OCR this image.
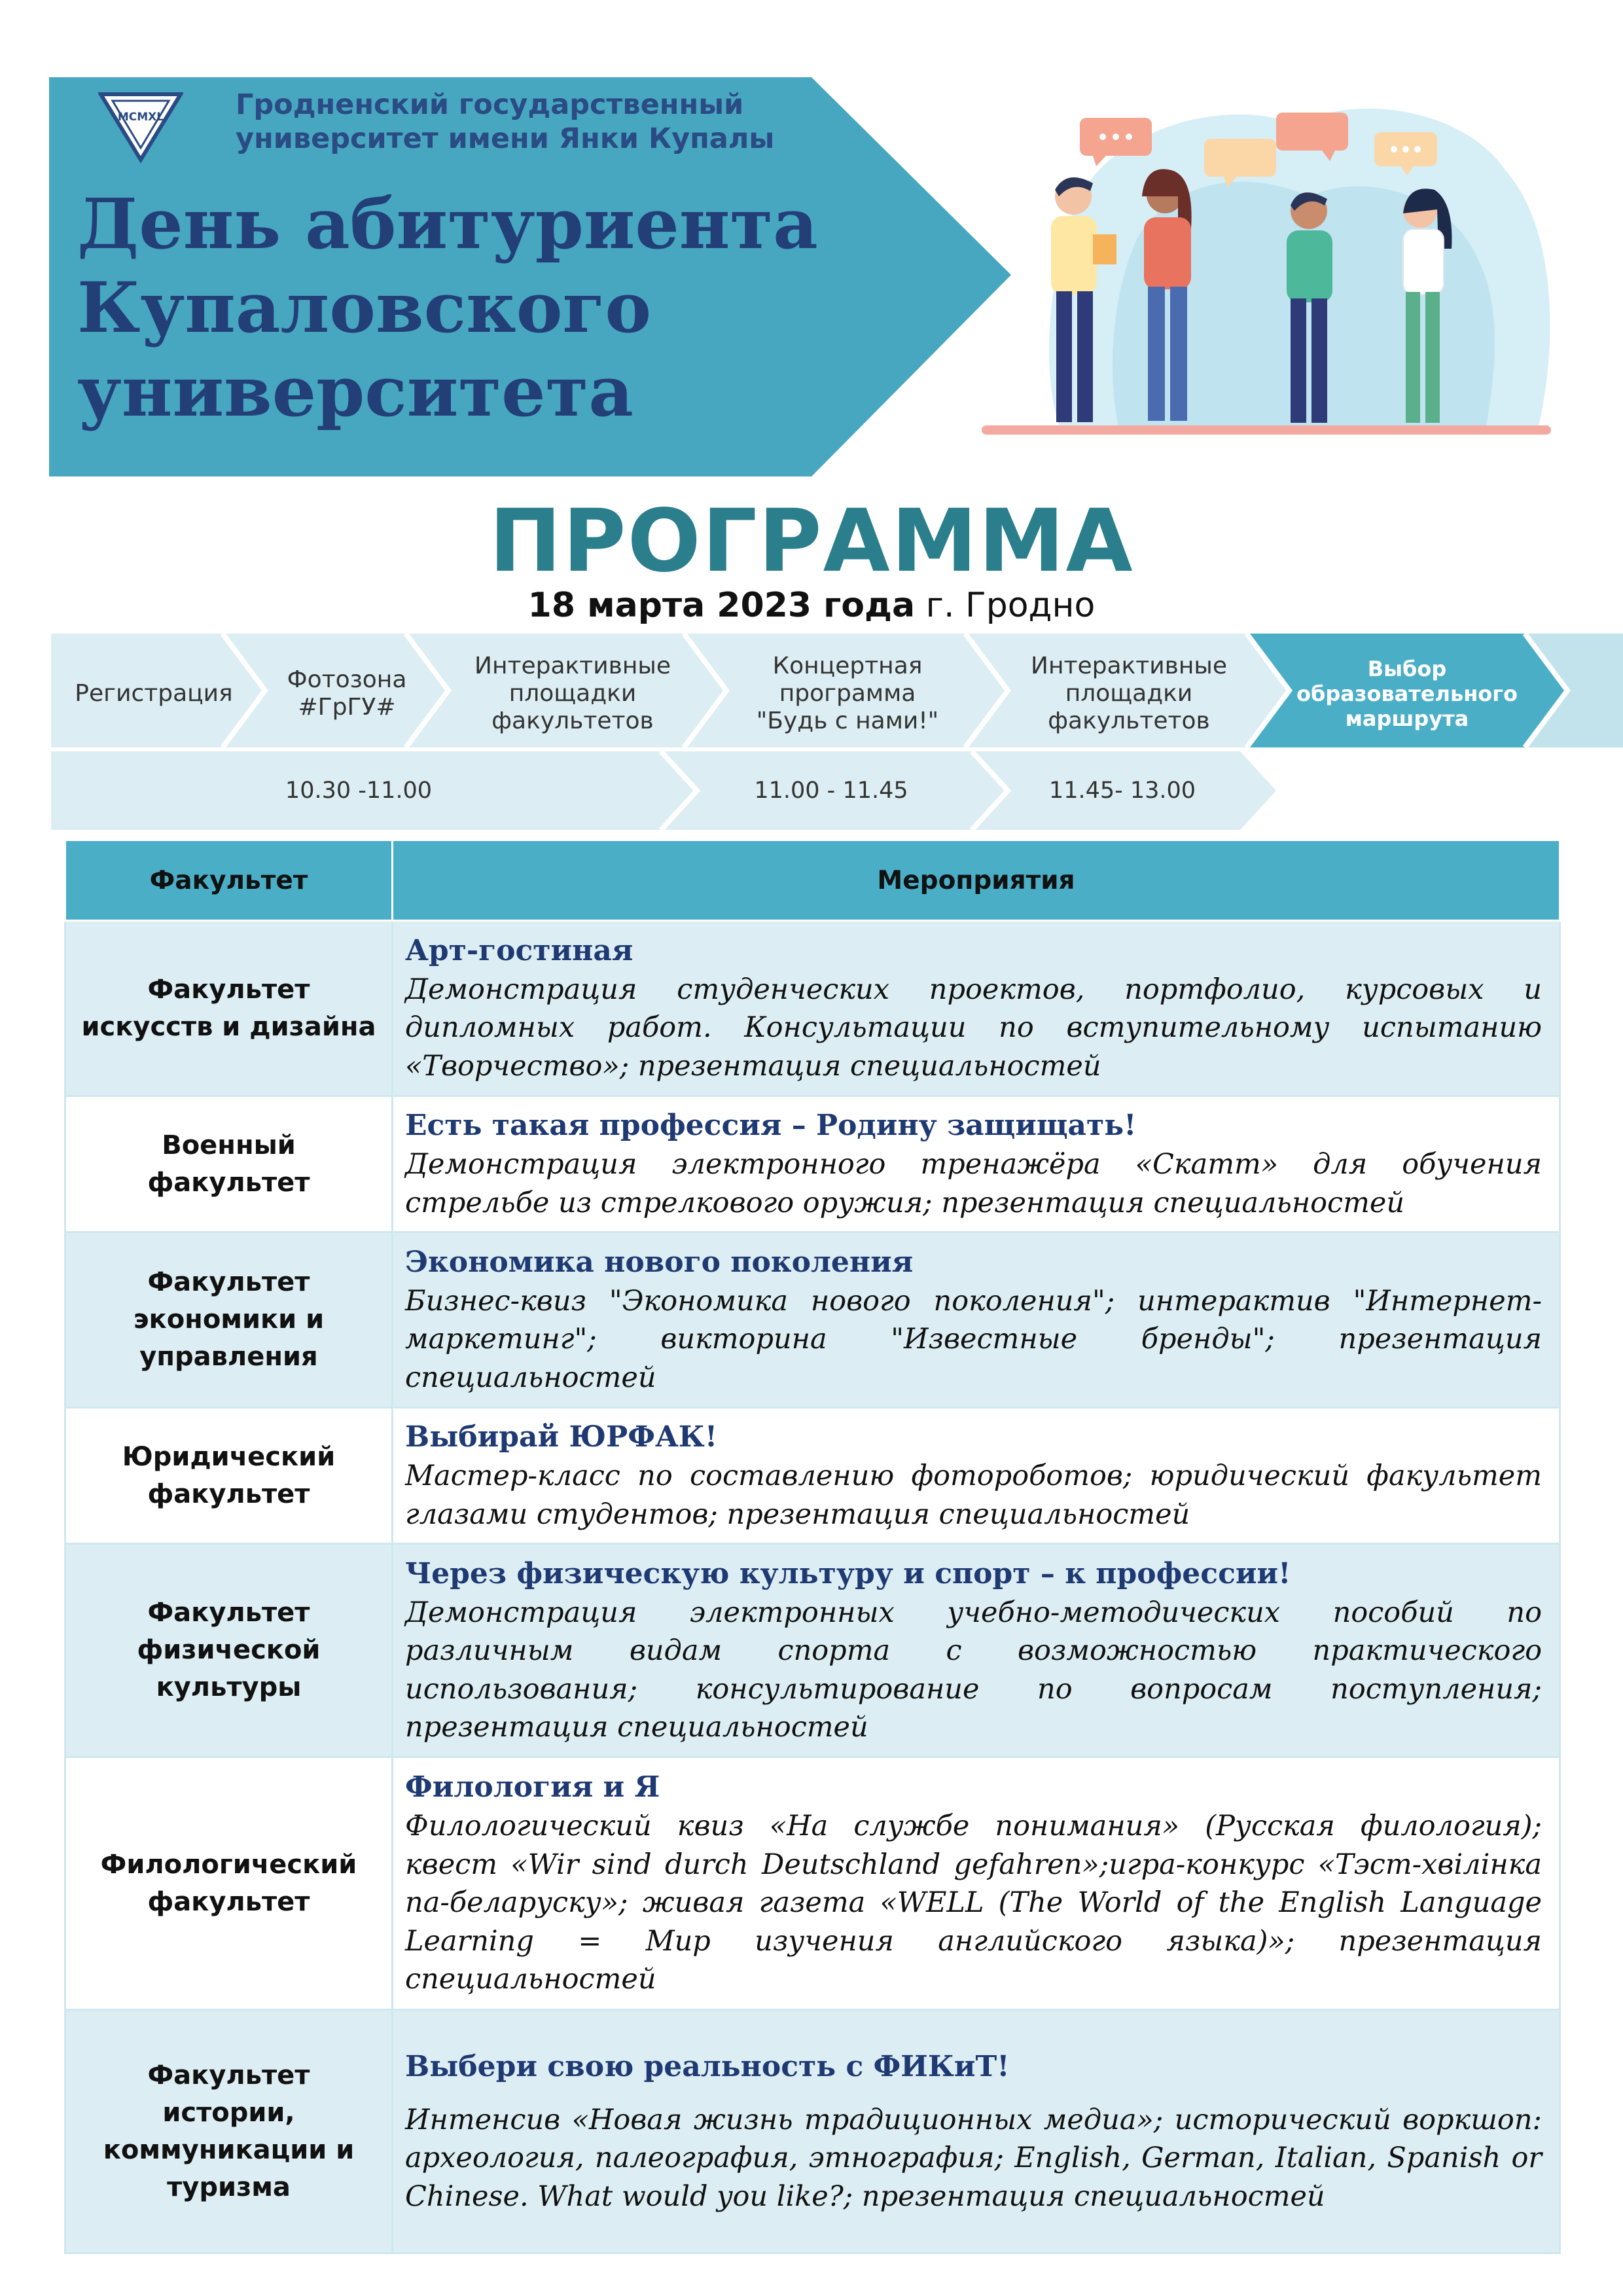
MCMXL	Гродненский государственный
университет имени Янки Купалы
День абитуриента
Купаловского
университета
ПРОГРАММА
18 марта 2023 года г. Гродно
Регистрация
Фотозона
#ГрГУ#
Интерактивные
площадки
факультетов
Концертная
программа
"Будь с нами!"
Интерактивные
площадки
факультетов
Выбор
образовательного
маршрута
10.30 -11.00	11.00 - 11.45	11.45- 13.00
Факультет	Мероприятия
Факультет искусств и дизайна	Арт-гостиная
Демонстрация студенческих проектов, портфолио, курсовых и дипломных работ. Консультации по вступительному испытанию «Творчество»; презентация специальностей

Военный факультет	Есть такая профессия – Родину защищать!
Демонстрация электронного тренажёра «Скатт» для обучения стрельбе из стрелкового оружия; презентация специальностей

Факультет экономики и управления	Экономика нового поколения
Бизнес-квиз "Экономика нового поколения"; интерактив "Интернет-маркетинг"; викторина "Известные бренды"; презентация специальностей

Юридический факультет	Выбирай ЮРФАК!
Мастер-класс по составлению фотороботов; юридический факультет глазами студентов; презентация специальностей

Факультет физической культуры	Через физическую культуру и спорт – к профессии!
Демонстрация электронных учебно-методических пособий по различным видам спорта с возможностью практического использования; консультирование по вопросам поступления; презентация специальностей

Филологический факультет	Филология и Я
Филологический квиз «На службе понимания» (Русская филология); квест «Wir sind durch Deutschland gefahren»;игра-конкурс «Тэст-хвілінка па-беларуску»; живая газета «WELL (The World of the English Language Learning = Мир изучения английского языка)»; презентация специальностей

Факультет истории, коммуникации и туризма	Выбери свою реальность с ФИКиТ!
Интенсив «Новая жизнь традиционных медиа»; исторический воркшоп: археология, палеография, этнография; English, German, Italian, Spanish or Chinese. What would you like?; презентация специальностей
